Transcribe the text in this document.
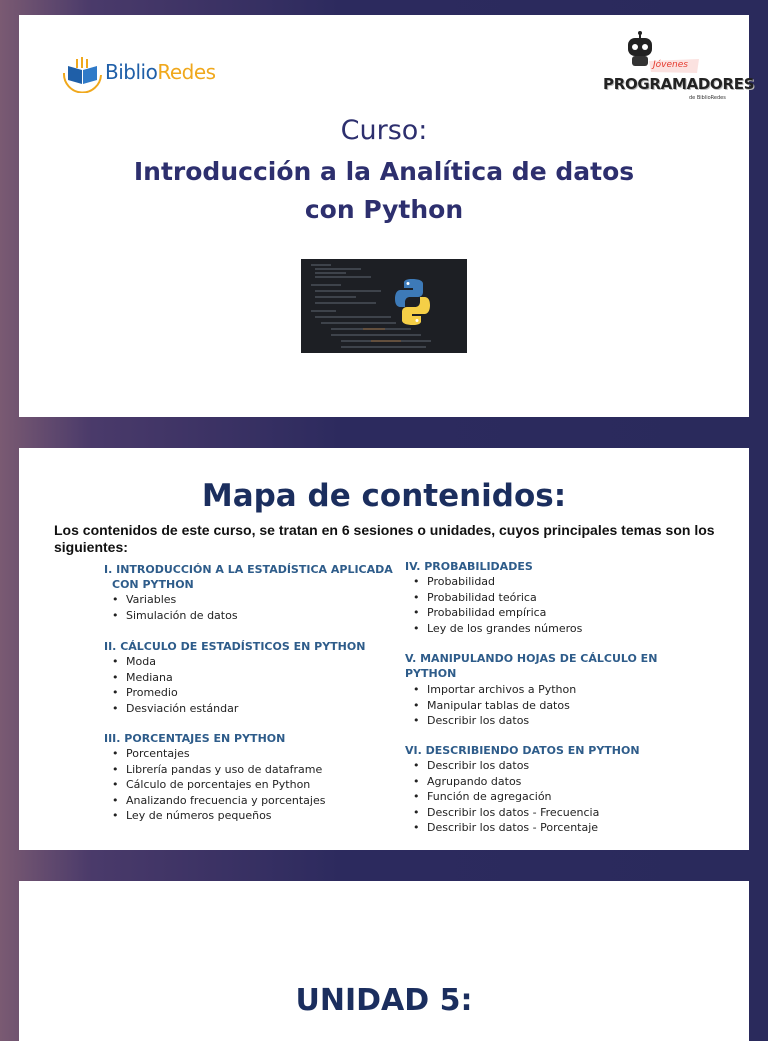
BiblioRedes	Jóvenes
PROGRAMADORES
de BiblioRedes
Curso:
Introducción a la Analítica de datos
con Python
Mapa de contenidos:
Los contenidos de este curso, se tratan en 6 sesiones o unidades, cuyos principales temas son los siguientes:
I. INTRODUCCIÓN A LA ESTADÍSTICA APLICADA
CON PYTHON
• Variables
• Simulación de datos
II. CÁLCULO DE ESTADÍSTICOS EN PYTHON
• Moda
• Mediana
• Promedio
• Desviación estándar
III. PORCENTAJES EN PYTHON
• Porcentajes
• Librería pandas y uso de dataframe
• Cálculo de porcentajes en Python
• Analizando frecuencia y porcentajes
• Ley de números pequeños
IV. PROBABILIDADES
• Probabilidad
• Probabilidad teórica
• Probabilidad empírica
• Ley de los grandes números
V. MANIPULANDO HOJAS DE CÁLCULO EN
PYTHON
• Importar archivos a Python
• Manipular tablas de datos
• Describir los datos
VI. DESCRIBIENDO DATOS EN PYTHON
• Describir los datos
• Agrupando datos
• Función de agregación
• Describir los datos - Frecuencia
• Describir los datos - Porcentaje
UNIDAD 5:
